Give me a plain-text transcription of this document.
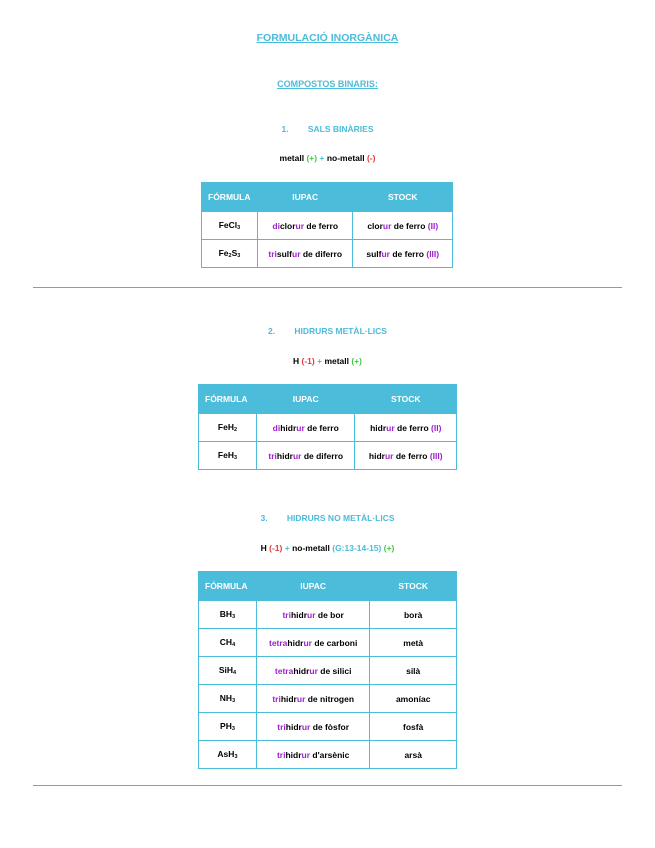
FORMULACIÓ INORGÀNICA
COMPOSTOS BINARIS:
1. SALS BINÀRIES
metall (+) + no-metall (-)
FÓRMULA	IUPAC	STOCK
FeCl$_3$	diclorur de ferro	clorur de ferro (II)
$Fe_2S_3$	trisulfur de diferro	sulfur de ferro (III)
2. HIDRURS METÀL·LICS
H (-1) + metall (+)
FÓRMULA	IUPAC	STOCK
FeH$_2$	dihidrur de ferro	hidrur de ferro (II)
FeH$_3$	trihidrur de diferro	hidrur de ferro (III)
3. HIDRURS NO METÀL·LICS
H (-1) + no-metall (G:13-14-15) (+)
FÓRMULA	IUPAC	STOCK
$BH_3$	trihidrur de bor	borà
$CH_4$	tetrahidrur de carboni	metà
SiH$_4$	tetrahidrur de silici	silà
$NH_3$	trihidrur de nitrogen	amoníac
$PH_3$	trihidrur de fòsfor	fosfà
AsH$_3$	trihidrur d'arsènic	arsà
